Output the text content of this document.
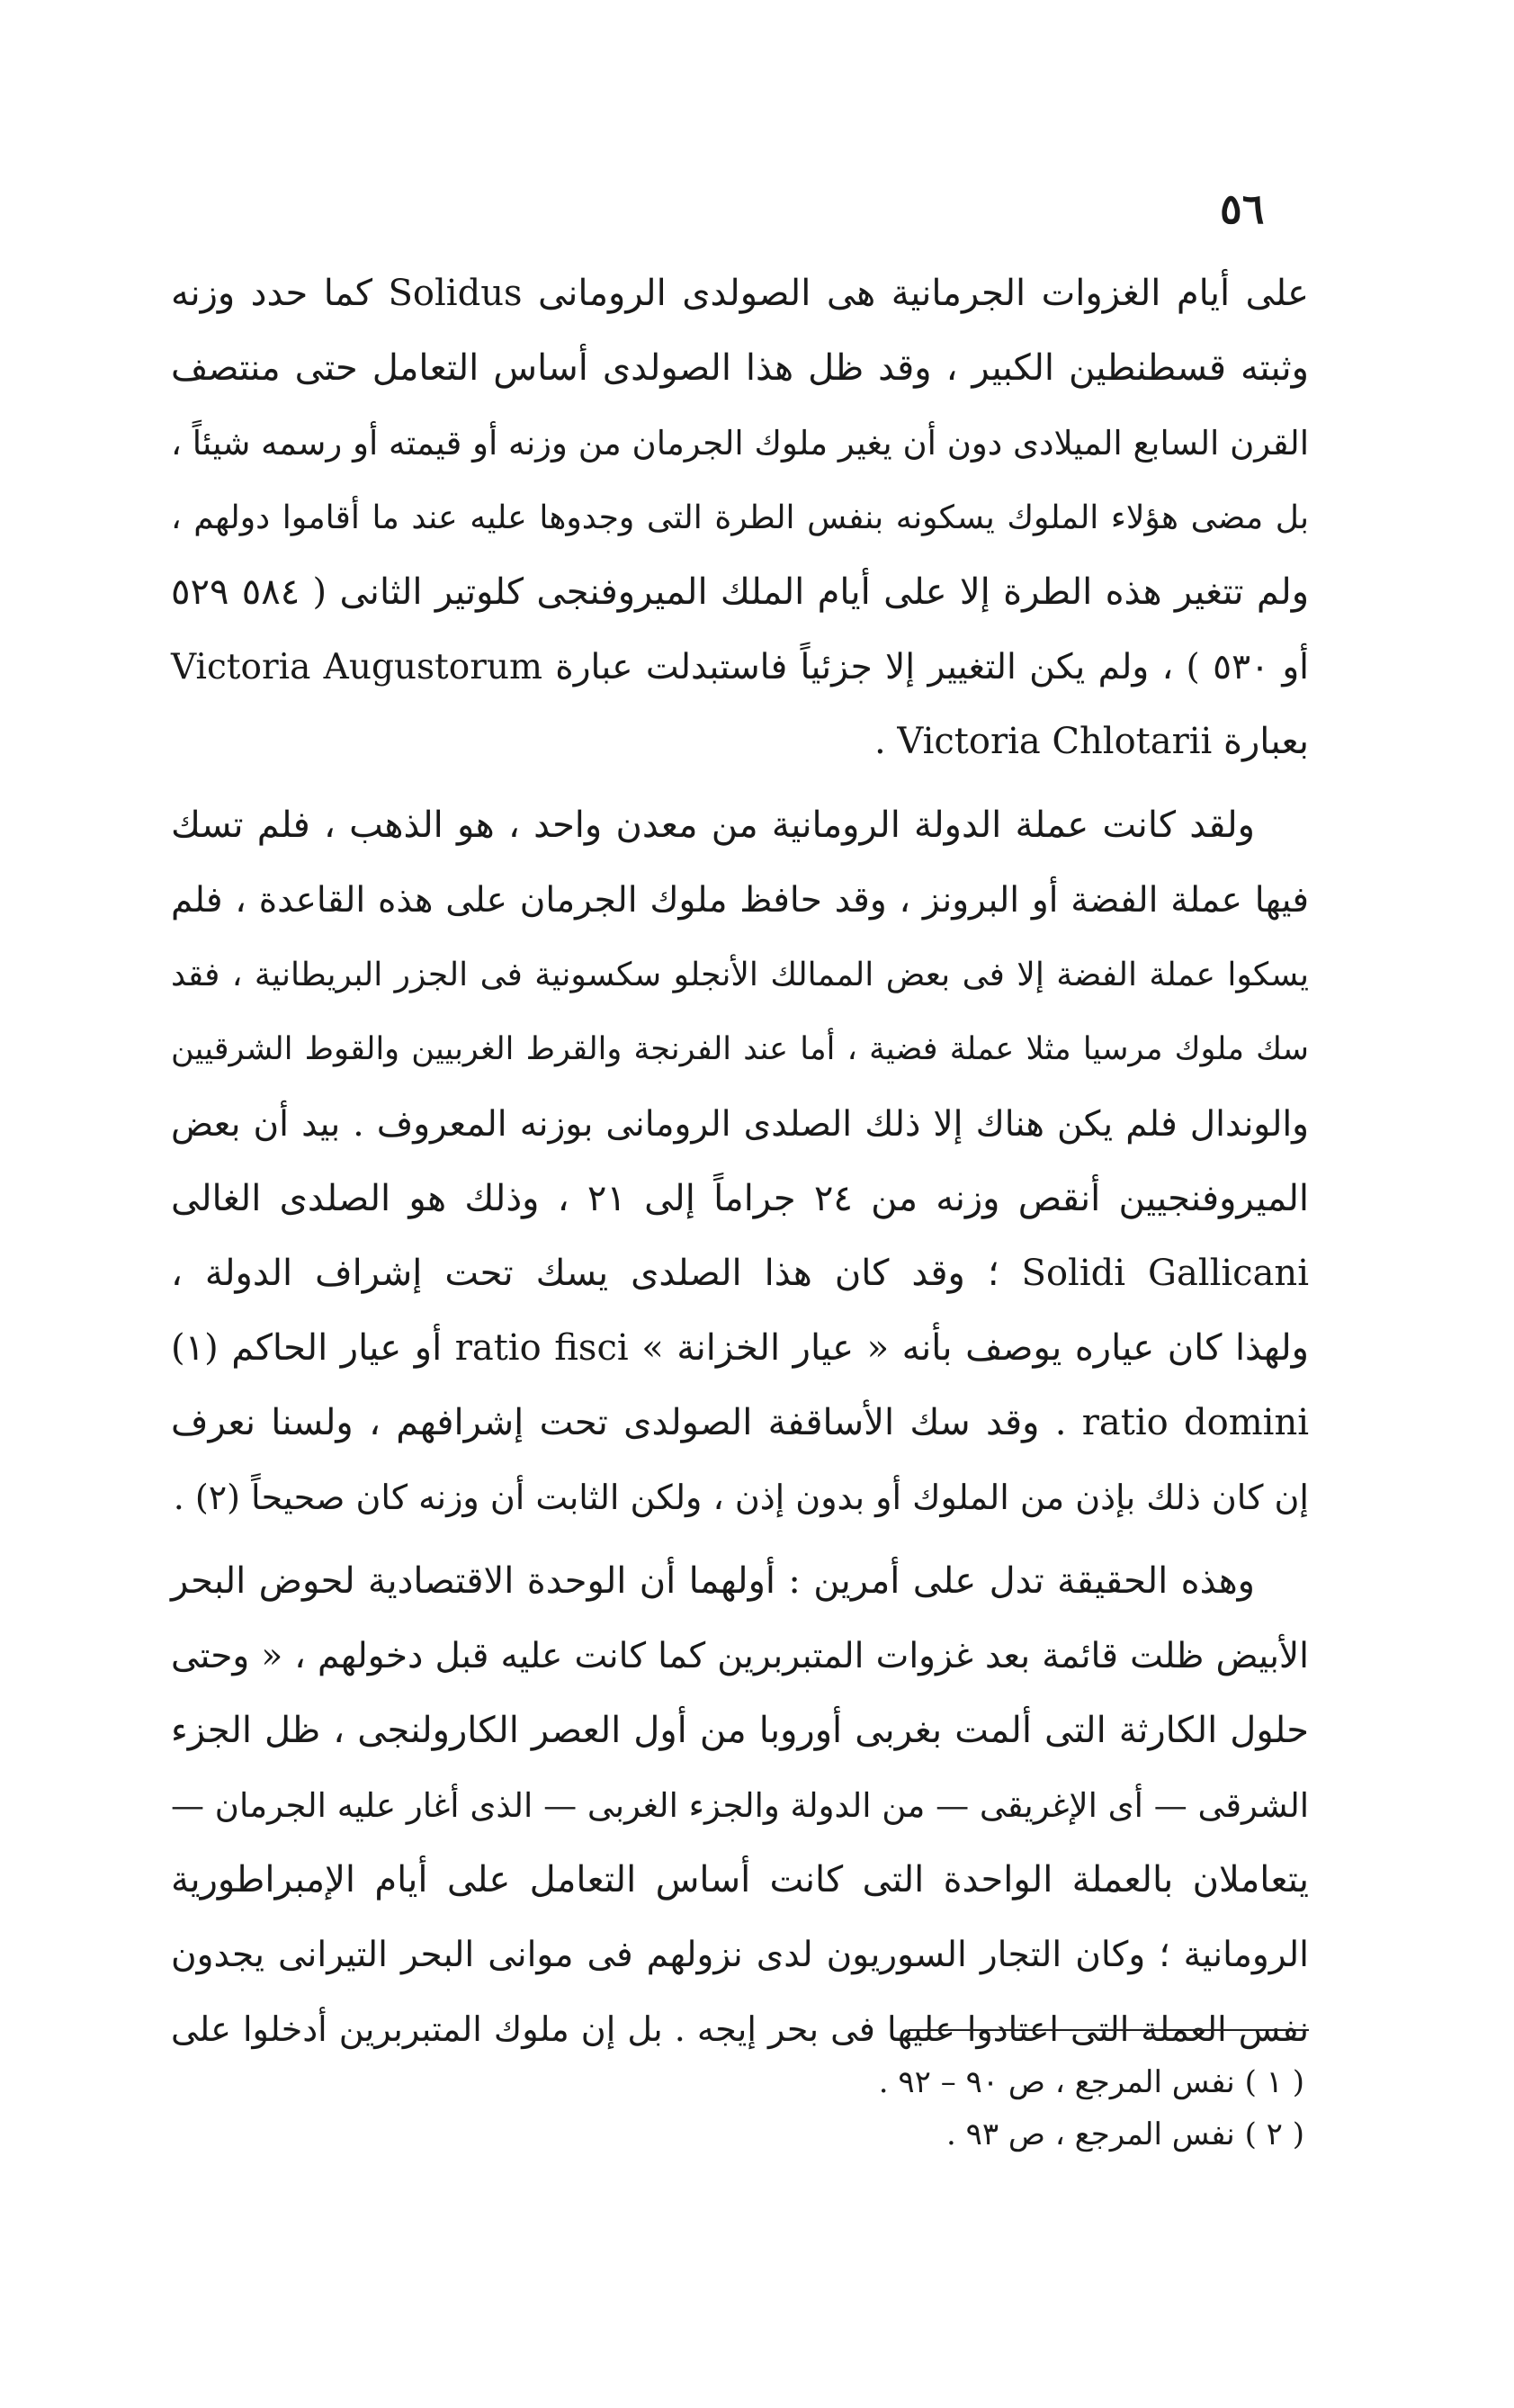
٥٦

على أيام الغزوات الجرمانية هى الصولدى الرومانى Solidus كما حدد وزنه
وثبته قسطنطين الكبير ، وقد ظل هذا الصولدى أساس التعامل حتى منتصف
القرن السابع الميلادى دون أن يغير ملوك الجرمان من وزنه أو قيمته أو رسمه شيئاً ،
بل مضى هؤلاء الملوك يسكونه بنفس الطرة التى وجدوها عليه عند ما أقاموا دولهم ،
ولم تتغير هذه الطرة إلا على أيام الملك الميروفنجى كلوتير الثانى ( ٥٨٤ ٥٢٩
أو ٥٣٠ ) ، ولم يكن التغيير إلا جزئياً فاستبدلت عبارة Victoria Augustorum
بعبارة Victoria Chlotarii .

ولقد كانت عملة الدولة الرومانية من معدن واحد ، هو الذهب ، فلم تسك
فيها عملة الفضة أو البرونز ، وقد حافظ ملوك الجرمان على هذه القاعدة ، فلم
يسكوا عملة الفضة إلا فى بعض الممالك الأنجلو سكسونية فى الجزر البريطانية ، فقد
سك ملوك مرسيا مثلا عملة فضية ، أما عند الفرنجة والقرط الغربيين والقوط الشرقيين
والوندال فلم يكن هناك إلا ذلك الصلدى الرومانى بوزنه المعروف . بيد أن بعض
الميروفنجيين أنقص وزنه من ٢٤ جراماً إلى ٢١ ، وذلك هو الصلدى الغالى
Solidi Gallicani ؛ وقد كان هذا الصلدى يسك تحت إشراف الدولة ،
ولهذا كان عياره يوصف بأنه « عيار الخزانة » ratio fisci أو عيار الحاكم (١)
ratio domini . وقد سك الأساقفة الصولدى تحت إشرافهم ، ولسنا نعرف
إن كان ذلك بإذن من الملوك أو بدون إذن ، ولكن الثابت أن وزنه كان صحيحاً (٢) .

وهذه الحقيقة تدل على أمرين : أولهما أن الوحدة الاقتصادية لحوض البحر
الأبيض ظلت قائمة بعد غزوات المتبربرين كما كانت عليه قبل دخولهم ، « وحتى
حلول الكارثة التى ألمت بغربى أوروبا من أول العصر الكارولنجى ، ظل الجزء
الشرقى — أى الإغريقى — من الدولة والجزء الغربى — الذى أغار عليه الجرمان —
يتعاملان بالعملة الواحدة التى كانت أساس التعامل على أيام الإمبراطورية
الرومانية ؛ وكان التجار السوريون لدى نزولهم فى موانى البحر التيرانى يجدون
نفس العملة التى اعتادوا عليها فى بحر إيجه . بل إن ملوك المتبربرين أدخلوا على

( ١ ) نفس المرجع ، ص ٩٠ – ٩٢ .
( ٢ ) نفس المرجع ، ص ٩٣ .
